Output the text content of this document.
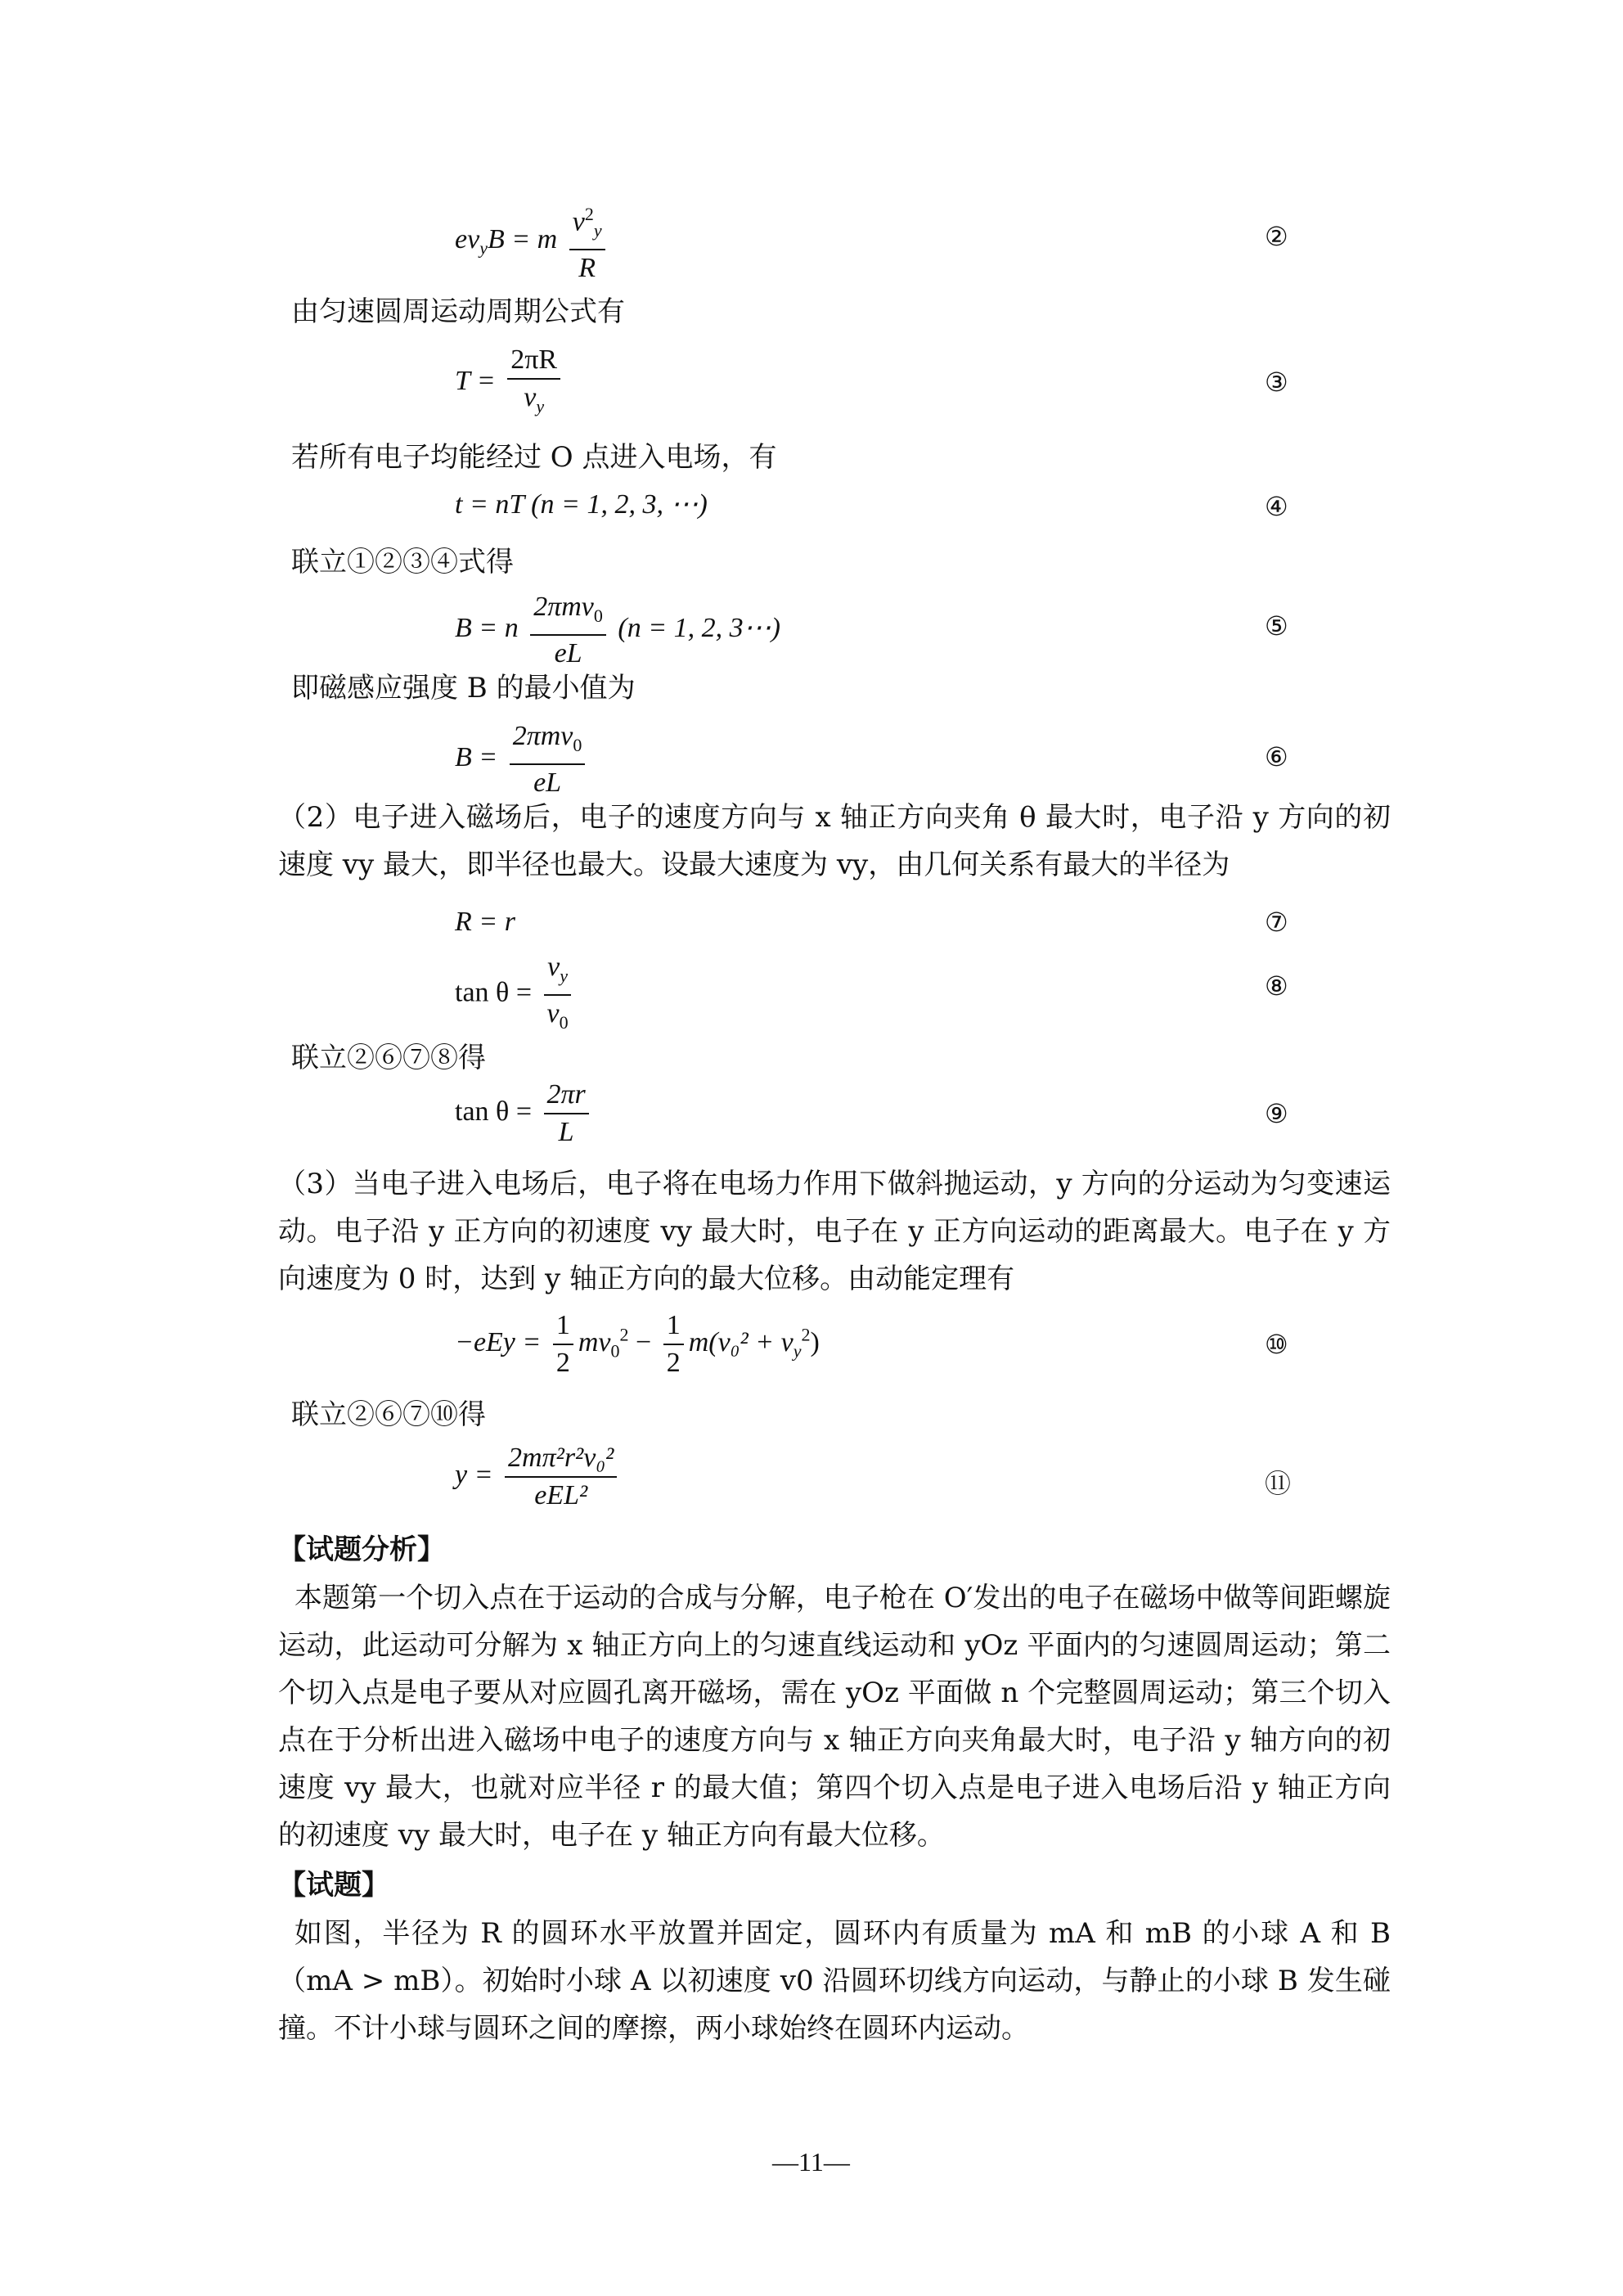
$ev_yB = m \frac{v^2_y}{R}$	②
由匀速圆周运动周期公式有
$T = \frac{2\pi R}{v_y}$	③
若所有电子均能经过 O 点进入电场，有
t = nT (n = 1, 2, 3, ⋯)	④
联立①②③④式得
B = n $\frac{2\pi mv_0}{eL} (n = 1$, 2, 3⋯)	⑤
即磁感应强度 B 的最小值为
$B = \frac{2\pi mv_0}{eL}$	⑥
（2）电子进入磁场后，电子的速度方向与 x 轴正方向夹角 θ 最大时，电子沿 y 方向的初速度 vy 最大，即半径也最大。设最大速度为 vy，由几何关系有最大的半径为
R = r	⑦
$\tan \theta = \frac{v_y}{v_0}$	⑧
联立②⑥⑦⑧得
$\tan \theta = \frac{2\pi r}{L}$	⑨
（3）当电子进入电场后，电子将在电场力作用下做斜抛运动，y 方向的分运动为匀变速运动。电子沿 y 正方向的初速度 vy 最大时，电子在 y 正方向运动的距离最大。电子在 y 方向速度为 0 时，达到 y 轴正方向的最大位移。由动能定理有
$-eEy = \frac{1}{2} mv_0^2 - \frac{1}{2} m(v_0^2 + v_y^2)$	⑩
联立②⑥⑦⑩得
$y = \frac{\text{2mπ²r²v₀²}}{\text{eEL²}}$	⑪
【试题分析】
本题第一个切入点在于运动的合成与分解，电子枪在 O′发出的电子在磁场中做等间距螺旋运动，此运动可分解为 x 轴正方向上的匀速直线运动和 yOz 平面内的匀速圆周运动；第二个切入点是电子要从对应圆孔离开磁场，需在 yOz 平面做 n 个完整圆周运动；第三个切入点在于分析出进入磁场中电子的速度方向与 x 轴正方向夹角最大时，电子沿 y 轴方向的初速度 vy 最大，也就对应半径 r 的最大值；第四个切入点是电子进入电场后沿 y 轴正方向的初速度 vy 最大时，电子在 y 轴正方向有最大位移。
【试题】
如图，半径为 R 的圆环水平放置并固定，圆环内有质量为 mA 和 mB 的小球 A 和 B（mA > mB）。初始时小球 A 以初速度 v0 沿圆环切线方向运动，与静止的小球 B 发生碰撞。不计小球与圆环之间的摩擦，两小球始终在圆环内运动。
—11—
